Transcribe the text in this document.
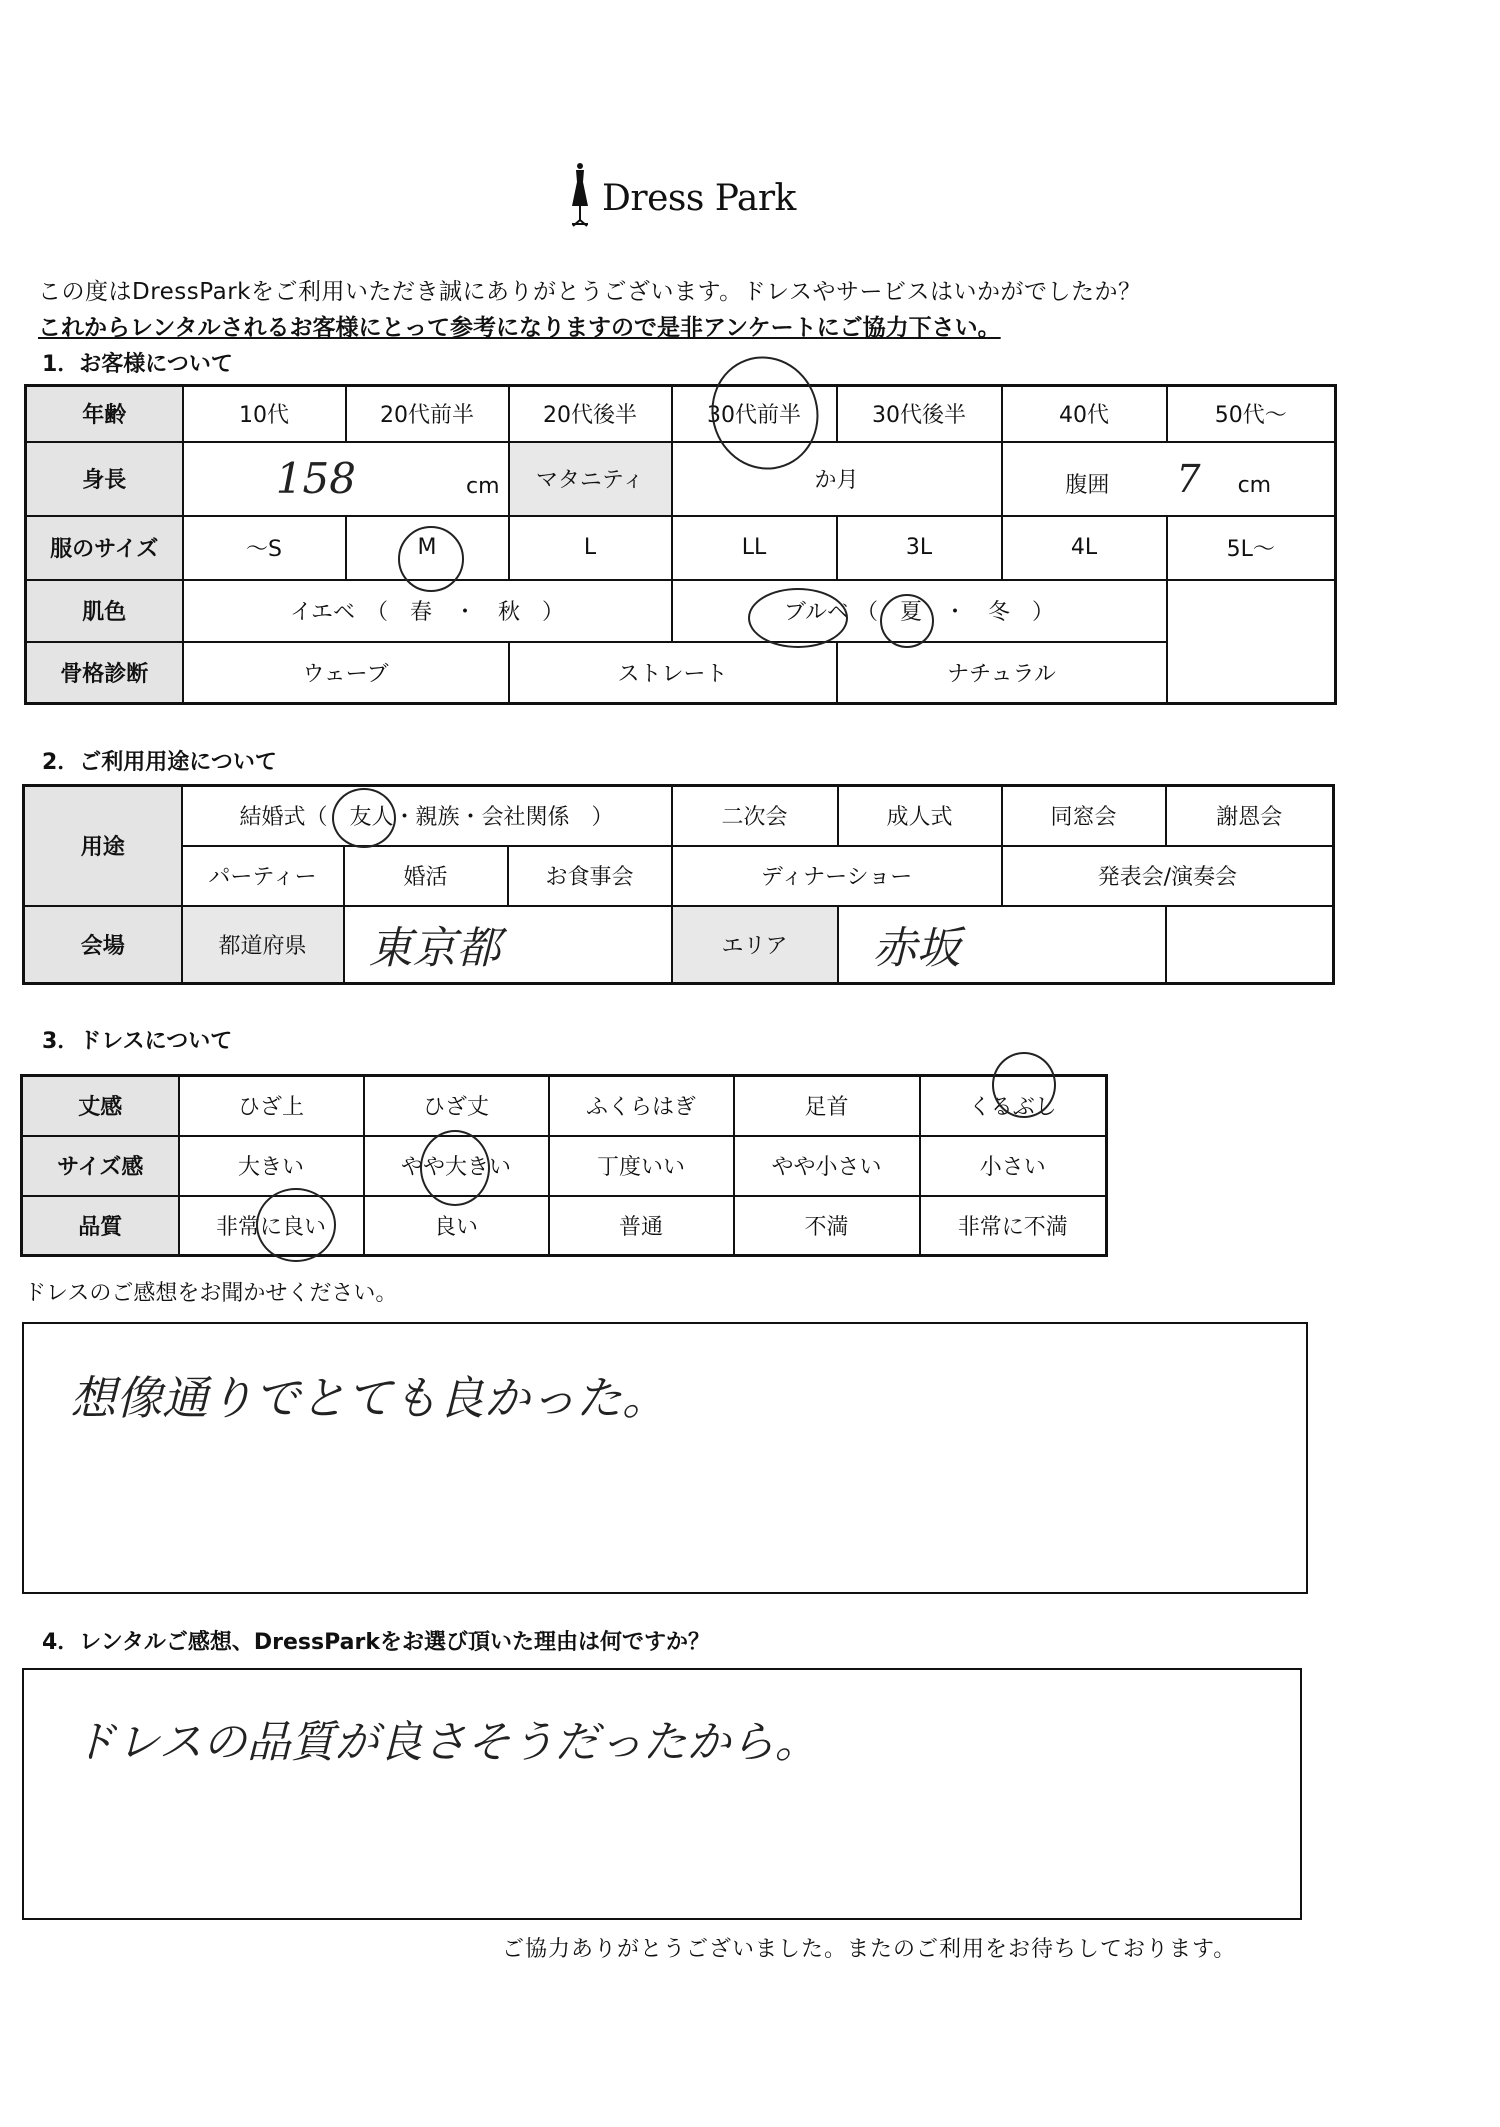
Dress Park
この度はDressParkをご利用いただき誠にありがとうございます。ドレスやサービスはいかがでしたか？
これからレンタルされるお客様にとって参考になりますので是非アンケートにご協力下さい。
1．お客様について
年齢	10代	20代前半	20代後半	30代前半	30代後半	40代	50代～
身長	158 cm		マタニティ	か月		腹囲 7 cm	
服のサイズ	～S	M	L	LL	3L	4L	5L～
肌色	イエベ　（　春　・　秋　）			ブルベ （　夏　・　冬　）			
骨格診断	ウェーブ		ストレート		ナチュラル		
2．ご利用用途について
用途	結婚式（　友人・親族・会社関係　）			二次会	成人式	同窓会	謝恩会
	パーティー	婚活	お食事会	ディナーショー		発表会/演奏会	
会場	都道府県	東京都		エリア	赤坂		
3．ドレスについて
丈感	ひざ上	ひざ丈	ふくらはぎ	足首	くるぶし
サイズ感	大きい	やや大きい	丁度いい	やや小さい	小さい
品質	非常に良い	良い	普通	不満	非常に不満
ドレスのご感想をお聞かせください。
想像通りでとても良かった。
4．レンタルご感想、DressParkをお選び頂いた理由は何ですか？
ドレスの品質が良さそうだったから。
ご協力ありがとうございました。またのご利用をお待ちしております。
